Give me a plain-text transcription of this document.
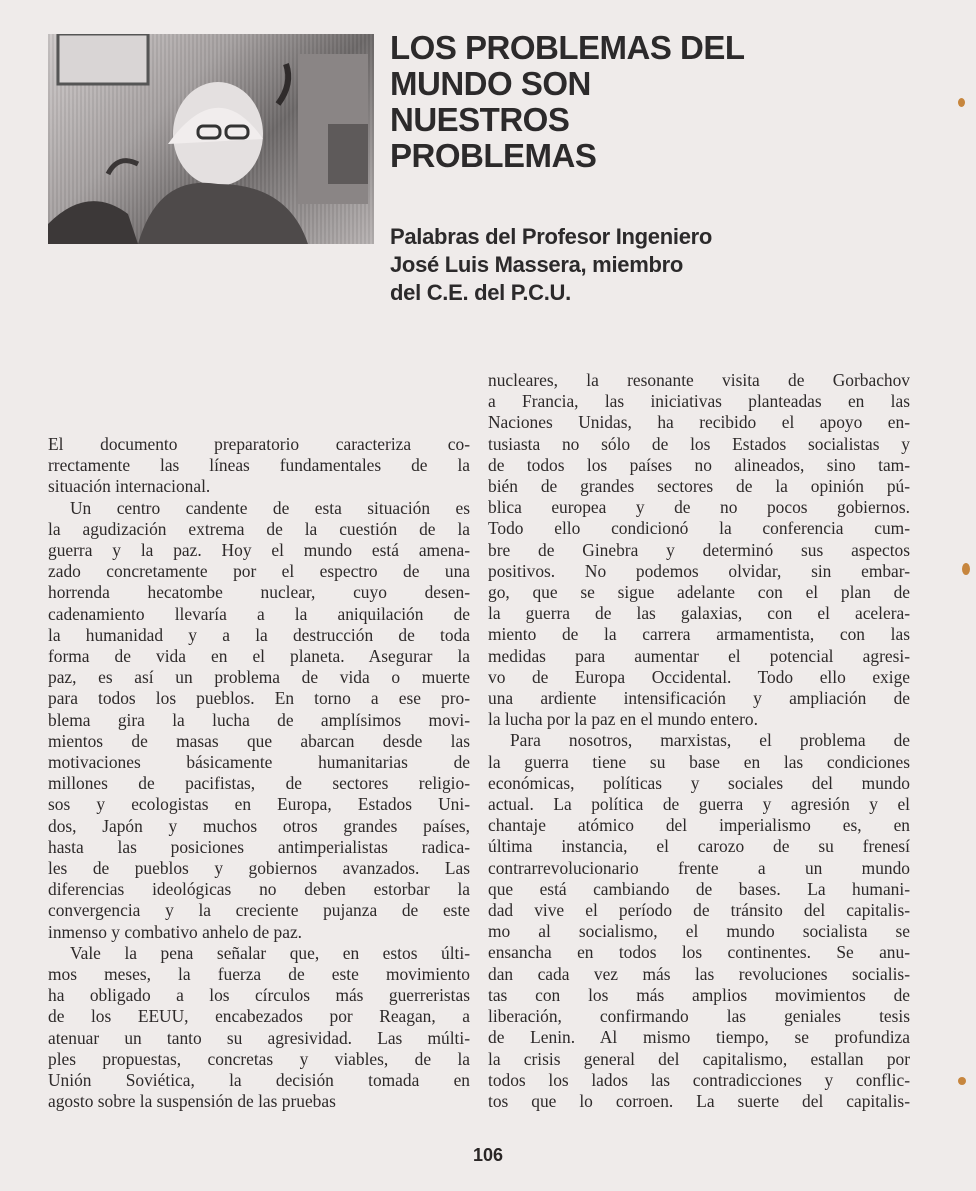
LOS PROBLEMAS DEL
MUNDO SON
NUESTROS
PROBLEMAS
Palabras del Profesor Ingeniero
José Luis Massera, miembro
del C.E. del P.C.U.

El documento preparatorio caracteriza co-

rrectamente las líneas fundamentales de la

situación internacional.

Un centro candente de esta situación es

la agudización extrema de la cuestión de la

guerra y la paz. Hoy el mundo está amena-

zado concretamente por el espectro de una

horrenda hecatombe nuclear, cuyo desen-

cadenamiento llevaría a la aniquilación de

la humanidad y a la destrucción de toda

forma de vida en el planeta. Asegurar la

paz, es así un problema de vida o muerte

para todos los pueblos. En torno a ese pro-

blema gira la lucha de amplísimos movi-

mientos de masas que abarcan desde las

motivaciones básicamente humanitarias de

millones de pacifistas, de sectores religio-

sos y ecologistas en Europa, Estados Uni-

dos, Japón y muchos otros grandes países,

hasta las posiciones antimperialistas radica-

les de pueblos y gobiernos avanzados. Las

diferencias ideológicas no deben estorbar la

convergencia y la creciente pujanza de este

inmenso y combativo anhelo de paz.

Vale la pena señalar que, en estos últi-

mos meses, la fuerza de este movimiento

ha obligado a los círculos más guerreristas

de los EEUU, encabezados por Reagan, a

atenuar un tanto su agresividad. Las múlti-

ples propuestas, concretas y viables, de la

Unión Soviética, la decisión tomada en

agosto sobre la suspensión de las pruebas

nucleares, la resonante visita de Gorbachov

a Francia, las iniciativas planteadas en las

Naciones Unidas, ha recibido el apoyo en-

tusiasta no sólo de los Estados socialistas y

de todos los países no alineados, sino tam-

bién de grandes sectores de la opinión pú-

blica europea y de no pocos gobiernos.

Todo ello condicionó la conferencia cum-

bre de Ginebra y determinó sus aspectos

positivos. No podemos olvidar, sin embar-

go, que se sigue adelante con el plan de

la guerra de las galaxias, con el acelera-

miento de la carrera armamentista, con las

medidas para aumentar el potencial agresi-

vo de Europa Occidental. Todo ello exige

una ardiente intensificación y ampliación de

la lucha por la paz en el mundo entero.

Para nosotros, marxistas, el problema de

la guerra tiene su base en las condiciones

económicas, políticas y sociales del mundo

actual. La política de guerra y agresión y el

chantaje atómico del imperialismo es, en

última instancia, el carozo de su frenesí

contrarrevolucionario frente a un mundo

que está cambiando de bases. La humani-

dad vive el período de tránsito del capitalis-

mo al socialismo, el mundo socialista se

ensancha en todos los continentes. Se anu-

dan cada vez más las revoluciones socialis-

tas con los más amplios movimientos de

liberación, confirmando las geniales tesis

de Lenin. Al mismo tiempo, se profundiza

la crisis general del capitalismo, estallan por

todos los lados las contradicciones y conflic-

tos que lo corroen. La suerte del capitalis-

106
